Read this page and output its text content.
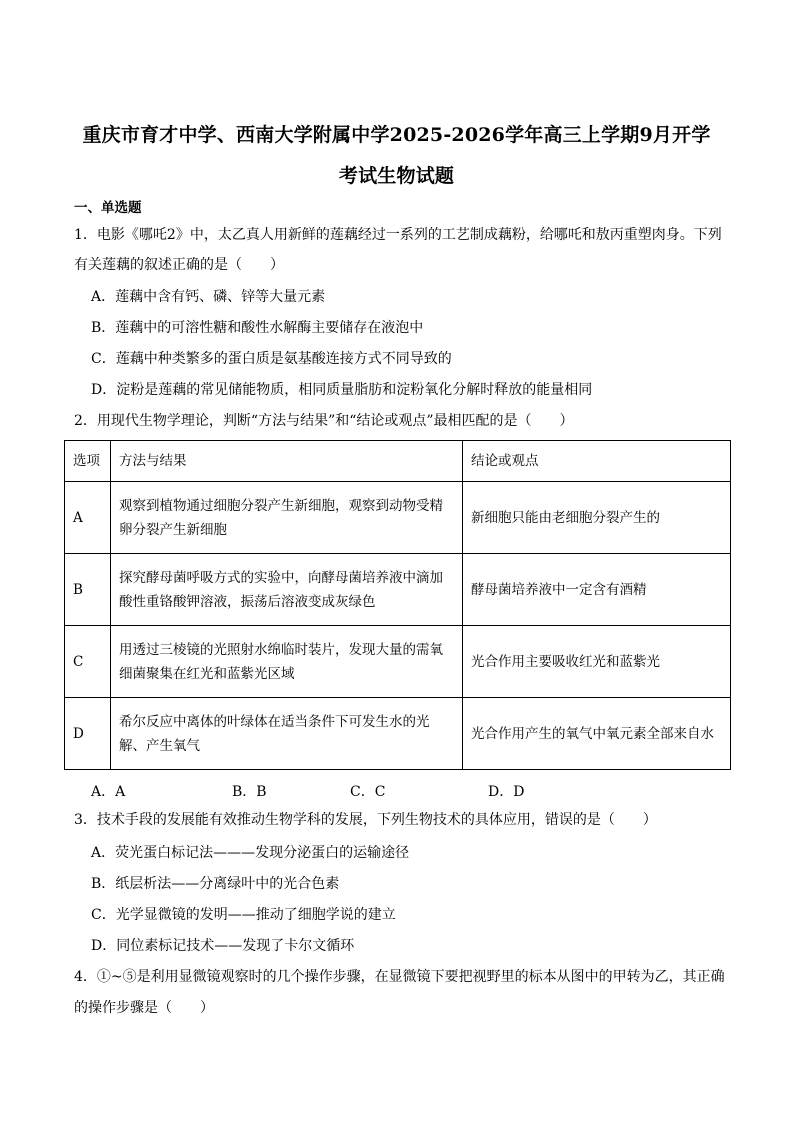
重庆市育才中学、西南大学附属中学2025-2026学年高三上学期9月开学
考试生物试题
一、单选题
1．电影《哪吒2》中，太乙真人用新鲜的莲藕经过一系列的工艺制成藕粉，给哪吒和敖丙重塑肉身。下列
有关莲藕的叙述正确的是（　　）
A．莲藕中含有钙、磷、锌等大量元素
B．莲藕中的可溶性糖和酸性水解酶主要储存在液泡中
C．莲藕中种类繁多的蛋白质是氨基酸连接方式不同导致的
D．淀粉是莲藕的常见储能物质，相同质量脂肪和淀粉氧化分解时释放的能量相同
2．用现代生物学理论，判断“方法与结果”和“结论或观点”最相匹配的是（　　）
选项	方法与结果	结论或观点
A	观察到植物通过细胞分裂产生新细胞，观察到动物受精卵分裂产生新细胞	新细胞只能由老细胞分裂产生的
B	探究酵母菌呼吸方式的实验中，向酵母菌培养液中滴加酸性重铬酸钾溶液，振荡后溶液变成灰绿色	酵母菌培养液中一定含有酒精
C	用透过三棱镜的光照射水绵临时装片，发现大量的需氧细菌聚集在红光和蓝紫光区域	光合作用主要吸收红光和蓝紫光
D	希尔反应中离体的叶绿体在适当条件下可发生水的光解、产生氧气	光合作用产生的氧气中氧元素全部来自水
A．A	B．B	C．C	D．D
3．技术手段的发展能有效推动生物学科的发展，下列生物技术的具体应用，错误的是（　　）
A．荧光蛋白标记法———发现分泌蛋白的运输途径
B．纸层析法——分离绿叶中的光合色素
C．光学显微镜的发明——推动了细胞学说的建立
D．同位素标记技术——发现了卡尔文循环
4．①~⑤是利用显微镜观察时的几个操作步骤，在显微镜下要把视野里的标本从图中的甲转为乙，其正确
的操作步骤是（　　）
